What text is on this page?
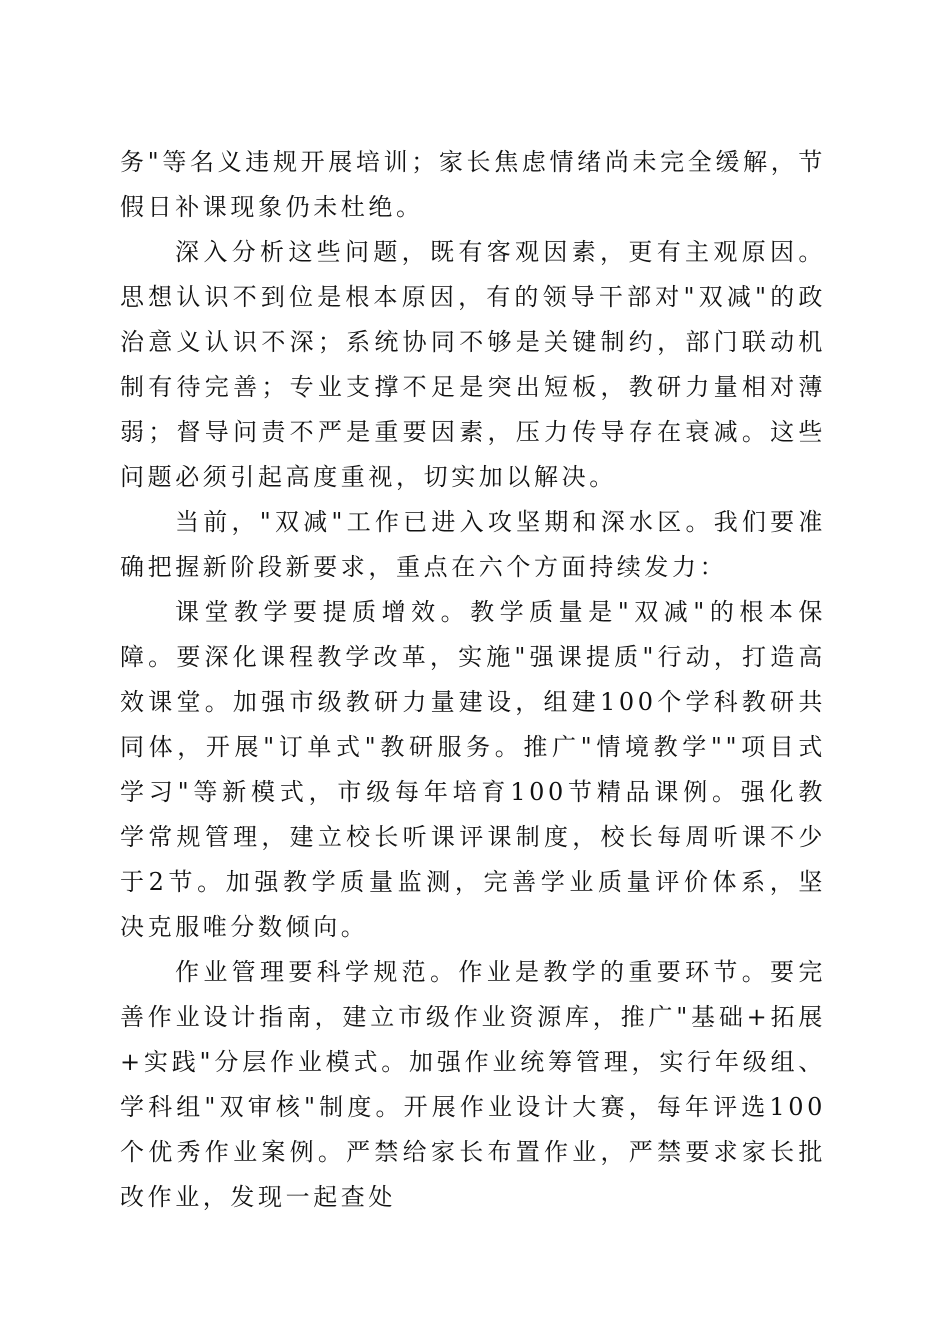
务"等名义违规开展培训；家长焦虑情绪尚未完全缓解，节假日补课现象仍未杜绝。

深入分析这些问题，既有客观因素，更有主观原因。思想认识不到位是根本原因，有的领导干部对"双减"的政治意义认识不深；系统协同不够是关键制约，部门联动机制有待完善；专业支撑不足是突出短板，教研力量相对薄弱；督导问责不严是重要因素，压力传导存在衰减。这些问题必须引起高度重视，切实加以解决。

当前，"双减"工作已进入攻坚期和深水区。我们要准确把握新阶段新要求，重点在六个方面持续发力：

课堂教学要提质增效。教学质量是"双减"的根本保障。要深化课程教学改革，实施"强课提质"行动，打造高效课堂。加强市级教研力量建设，组建100个学科教研共同体，开展"订单式"教研服务。推广"情境教学""项目式学习"等新模式，市级每年培育100节精品课例。强化教学常规管理，建立校长听课评课制度，校长每周听课不少于2节。加强教学质量监测，完善学业质量评价体系，坚决克服唯分数倾向。

作业管理要科学规范。作业是教学的重要环节。要完善作业设计指南，建立市级作业资源库，推广"基础+拓展+实践"分层作业模式。加强作业统筹管理，实行年级组、学科组"双审核"制度。开展作业设计大赛，每年评选100个优秀作业案例。严禁给家长布置作业，严禁要求家长批改作业，发现一起查处
